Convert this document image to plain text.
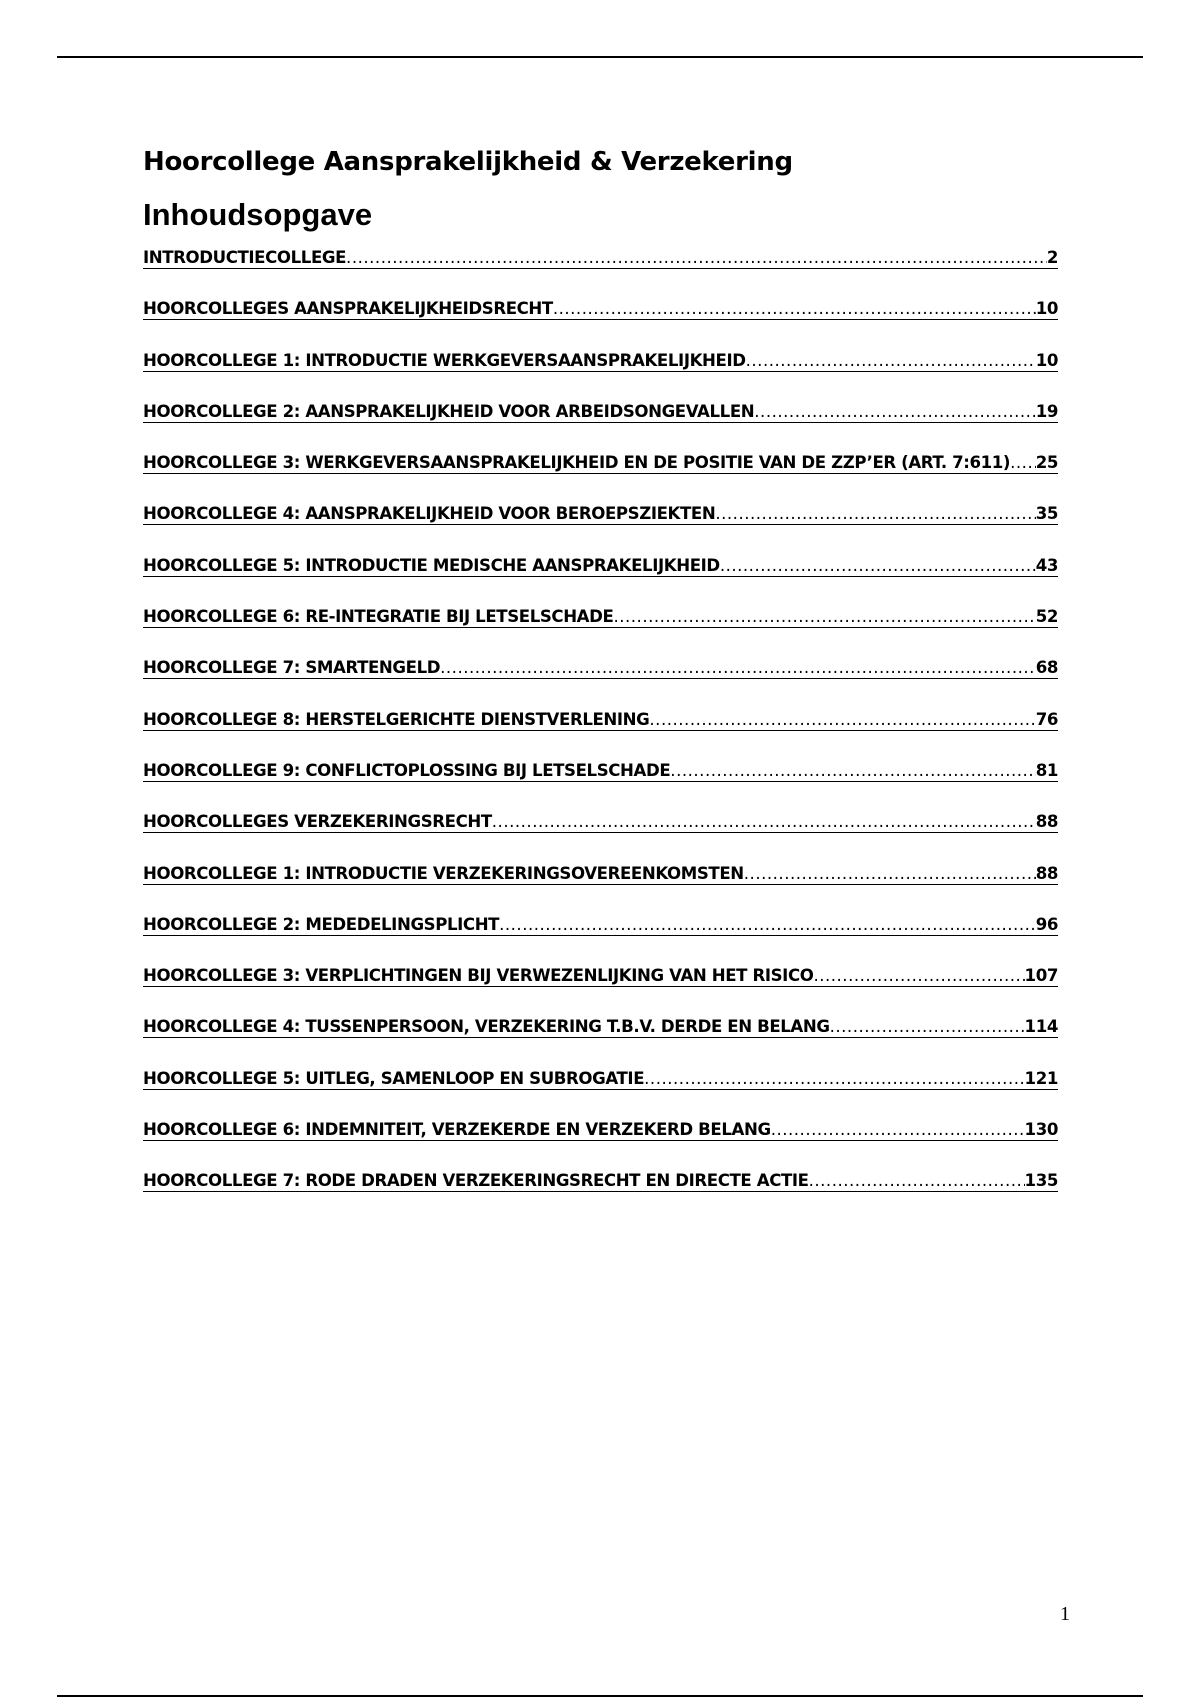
Hoorcollege Aansprakelijkheid & Verzekering
Inhoudsopgave
INTRODUCTIECOLLEGE .....	2
HOORCOLLEGES AANSPRAKELIJKHEIDSRECHT .....	10
HOORCOLLEGE 1: INTRODUCTIE WERKGEVERSAANSPRAKELIJKHEID .....	10
HOORCOLLEGE 2: AANSPRAKELIJKHEID VOOR ARBEIDSONGEVALLEN .....	19
HOORCOLLEGE 3: WERKGEVERSAANSPRAKELIJKHEID EN DE POSITIE VAN DE ZZP’ER (ART. 7:611) ..... 25
HOORCOLLEGE 4: AANSPRAKELIJKHEID VOOR BEROEPSZIEKTEN .....	35
HOORCOLLEGE 5: INTRODUCTIE MEDISCHE AANSPRAKELIJKHEID .....	43
HOORCOLLEGE 6: RE-INTEGRATIE BIJ LETSELSCHADE .....	52
HOORCOLLEGE 7: SMARTENGELD .....	68
HOORCOLLEGE 8: HERSTELGERICHTE DIENSTVERLENING .....	76
HOORCOLLEGE 9: CONFLICTOPLOSSING BIJ LETSELSCHADE .....	81
HOORCOLLEGES VERZEKERINGSRECHT .....	88
HOORCOLLEGE 1: INTRODUCTIE VERZEKERINGSOVEREENKOMSTEN .....	88
HOORCOLLEGE 2: MEDEDELINGSPLICHT .....	96
HOORCOLLEGE 3: VERPLICHTINGEN BIJ VERWEZENLIJKING VAN HET RISICO .....	107
HOORCOLLEGE 4: TUSSENPERSOON, VERZEKERING T.B.V. DERDE EN BELANG .....	114
HOORCOLLEGE 5: UITLEG, SAMENLOOP EN SUBROGATIE .....	121
HOORCOLLEGE 6: INDEMNITEIT, VERZEKERDE EN VERZEKERD BELANG .....	130
HOORCOLLEGE 7: RODE DRADEN VERZEKERINGSRECHT EN DIRECTE ACTIE .....	135
1
